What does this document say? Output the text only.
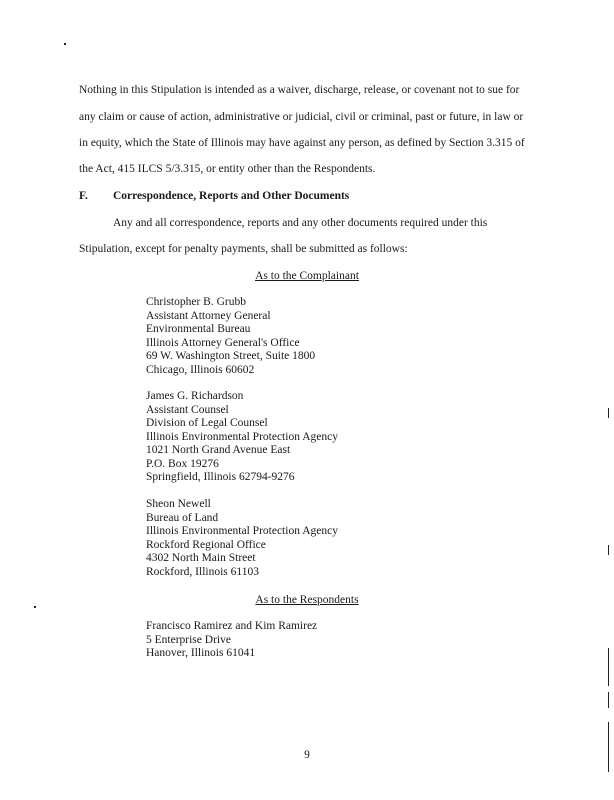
Nothing in this Stipulation is intended as a waiver, discharge, release, or covenant not to sue for
any claim or cause of action, administrative or judicial, civil or criminal, past or future, in law or
in equity, which the State of Illinois may have against any person, as defined by Section 3.315 of
the Act, 415 ILCS 5/3.315, or entity other than the Respondents.
F. Correspondence, Reports and Other Documents
Any and all correspondence, reports and any other documents required under this
Stipulation, except for penalty payments, shall be submitted as follows:
As to the Complainant
Christopher B. Grubb
Assistant Attorney General
Environmental Bureau
Illinois Attorney General's Office
69 W. Washington Street, Suite 1800
Chicago, Illinois 60602
James G. Richardson
Assistant Counsel
Division of Legal Counsel
Illinois Environmental Protection Agency
1021 North Grand Avenue East
P.O. Box 19276
Springfield, Illinois 62794-9276
Sheon Newell
Bureau of Land
Illinois Environmental Protection Agency
Rockford Regional Office
4302 North Main Street
Rockford, Illinois 61103
As to the Respondents
Francisco Ramirez and Kim Ramirez
5 Enterprise Drive
Hanover, Illinois 61041
9
